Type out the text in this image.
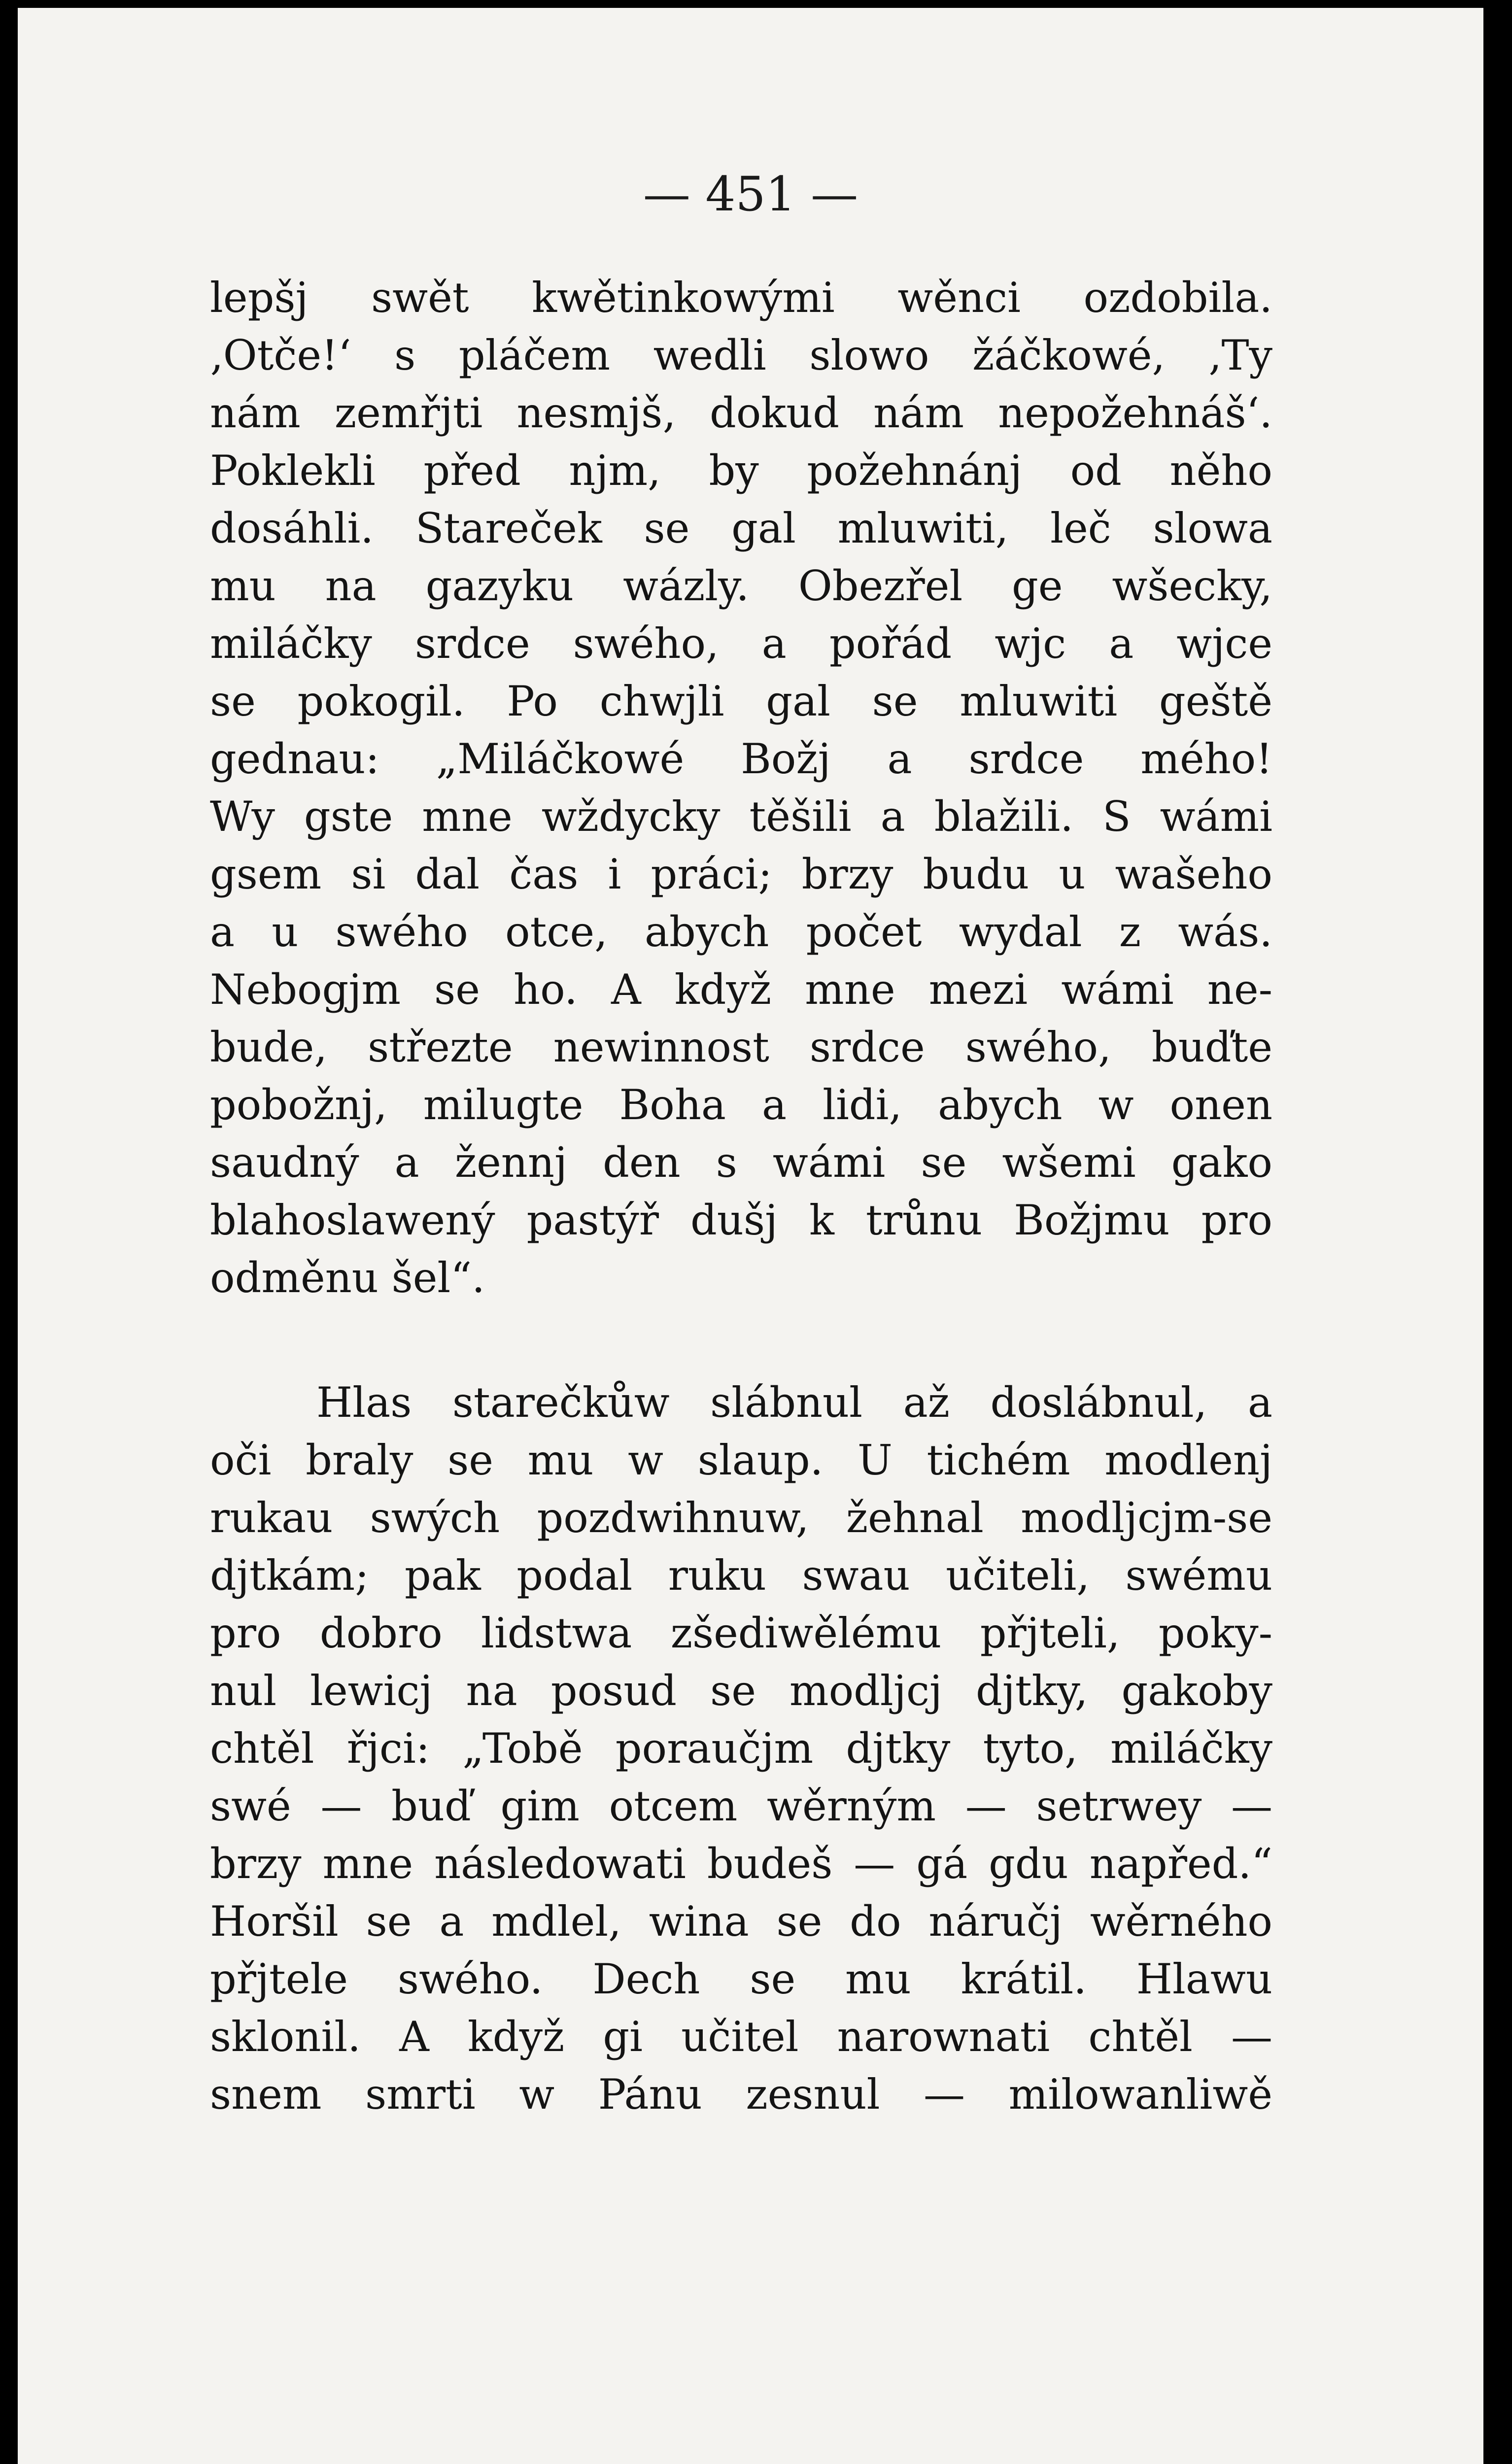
— 451 —
lepšj swět kwětinkowými wěnci ozdobila.
‚Otče!‘ s pláčem wedli slowo žáčkowé, ‚Ty
nám zemřjti nesmjš‚ dokud nám nepožehnáš‘.
Poklekli před njm, by požehnánj od něho
dosáhli. Stareček se gal mluwiti, leč slowa
mu na gazyku wázly. Obezřel ge wšecky,
miláčky srdce swého, a pořád wjc a wjce
se pokogil. Po chwjli gal se mluwiti geště
gednau: „Miláčkowé Božj a srdce mého!
Wy gste mne wždycky těšili a blažili. S wámi
gsem si dal čas i práci; brzy budu u wašeho
a u swého otce, abych počet wydal z wás.
Nebogjm se ho. A když mne mezi wámi ne-
bude, střezte newinnost srdce swého, buďte
pobožnj, milugte Boha a lidi, abych w onen
saudný a žennj den s wámi se wšemi gako
blahoslawený pastýř dušj k trůnu Božjmu pro
odměnu šel“.
Hlas starečkůw slábnul až doslábnul, a
oči braly se mu w slaup. U tichém modlenj
rukau swých pozdwihnuw, žehnal modljcjm-se
djtkám; pak podal ruku swau učiteli, swému
pro dobro lidstwa zšediwělému přjteli, poky-
nul lewicj na posud se modljcj djtky, gakoby
chtěl řjci: „Tobě poraučjm djtky tyto, miláčky
swé — buď gim otcem wěrným — setrwey —
brzy mne následowati budeš — gá gdu napřed.“
Horšil se a mdlel, wina se do náručj wěrného
přjtele swého. Dech se mu krátil. Hlawu
sklonil. A když gi učitel narownati chtěl —
snem smrti w Pánu zesnul — milowanliwě
